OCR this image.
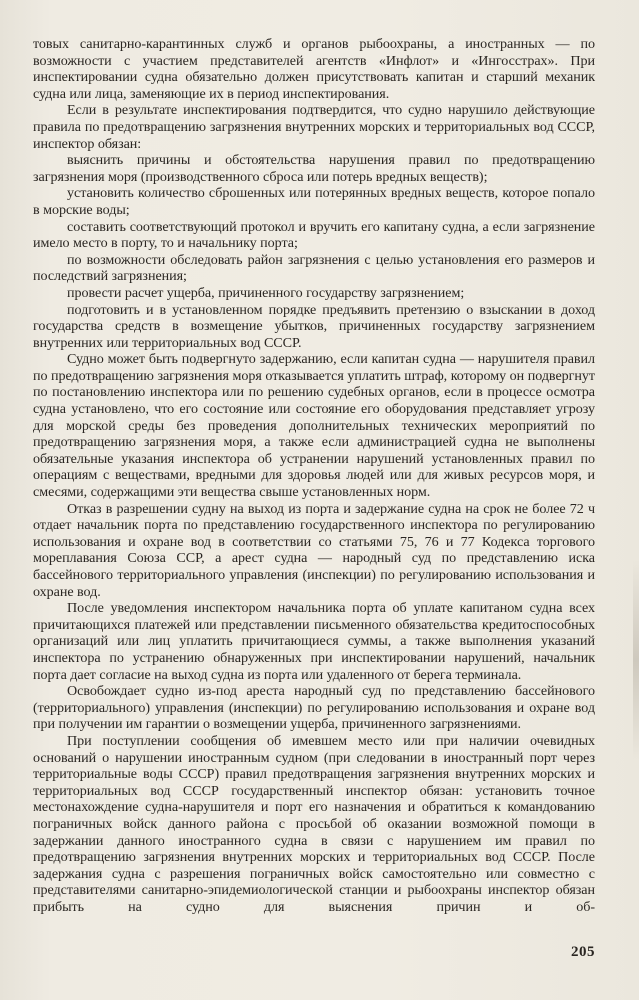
товых санитарно-карантинных служб и органов рыбоохраны, а иностранных — по возможности с участием представителей агентств «Инфлот» и «Ингосстрах». При инспектировании судна обязательно должен присутствовать капитан и старший механик судна или лица, заменяющие их в период инспектирования.

Если в результате инспектирования подтвердится, что судно нарушило действующие правила по предотвращению загрязнения внутренних морских и территориальных вод СССР, инспектор обязан:

выяснить причины и обстоятельства нарушения правил по предотвращению загрязнения моря (производственного сброса или потерь вредных веществ);

установить количество сброшенных или потерянных вредных веществ, которое попало в морские воды;

составить соответствующий протокол и вручить его капитану судна, а если загрязнение имело место в порту, то и начальнику порта;

по возможности обследовать район загрязнения с целью установления его размеров и последствий загрязнения;

провести расчет ущерба, причиненного государству загрязнением;

подготовить и в установленном порядке предъявить претензию о взыскании в доход государства средств в возмещение убытков, причиненных государству загрязнением внутренних или территориальных вод СССР.

Судно может быть подвергнуто задержанию, если капитан судна — нарушителя правил по предотвращению загрязнения моря отказывается уплатить штраф, которому он подвергнут по постановлению инспектора или по решению судебных органов, если в процессе осмотра судна установлено, что его состояние или состояние его оборудования представляет угрозу для морской среды без проведения дополнительных технических мероприятий по предотвращению загрязнения моря, а также если администрацией судна не выполнены обязательные указания инспектора об устранении нарушений установленных правил по операциям с веществами, вредными для здоровья людей или для живых ресурсов моря, и смесями, содержащими эти вещества свыше установленных норм.

Отказ в разрешении судну на выход из порта и задержание судна на срок не более 72 ч отдает начальник порта по представлению государственного инспектора по регулированию использования и охране вод в соответствии со статьями 75, 76 и 77 Кодекса торгового мореплавания Союза ССР, а арест судна — народный суд по представлению иска бассейнового территориального управления (инспекции) по регулированию использования и охране вод.

После уведомления инспектором начальника порта об уплате капитаном судна всех причитающихся платежей или представлении письменного обязательства кредитоспособных организаций или лиц уплатить причитающиеся суммы, а также выполнения указаний инспектора по устранению обнаруженных при инспектировании нарушений, начальник порта дает согласие на выход судна из порта или удаленного от берега терминала.

Освобождает судно из-под ареста народный суд по представлению бассейнового (территориального) управления (инспекции) по регулированию использования и охране вод при получении им гарантии о возмещении ущерба, причиненного загрязнениями.

При поступлении сообщения об имевшем место или при наличии очевидных оснований о нарушении иностранным судном (при следовании в иностранный порт через территориальные воды СССР) правил предотвращения загрязнения внутренних морских и территориальных вод СССР государственный инспектор обязан: установить точное местонахождение судна-нарушителя и порт его назначения и обратиться к командованию пограничных войск данного района с просьбой об оказании возможной помощи в задержании данного иностранного судна в связи с нарушением им правил по предотвращению загрязнения внутренних морских и территориальных вод СССР. После задержания судна с разрешения пограничных войск самостоятельно или совместно с представителями санитарно-эпидемиологической станции и рыбоохраны инспектор обязан прибыть на судно для выяснения причин и об-

205
